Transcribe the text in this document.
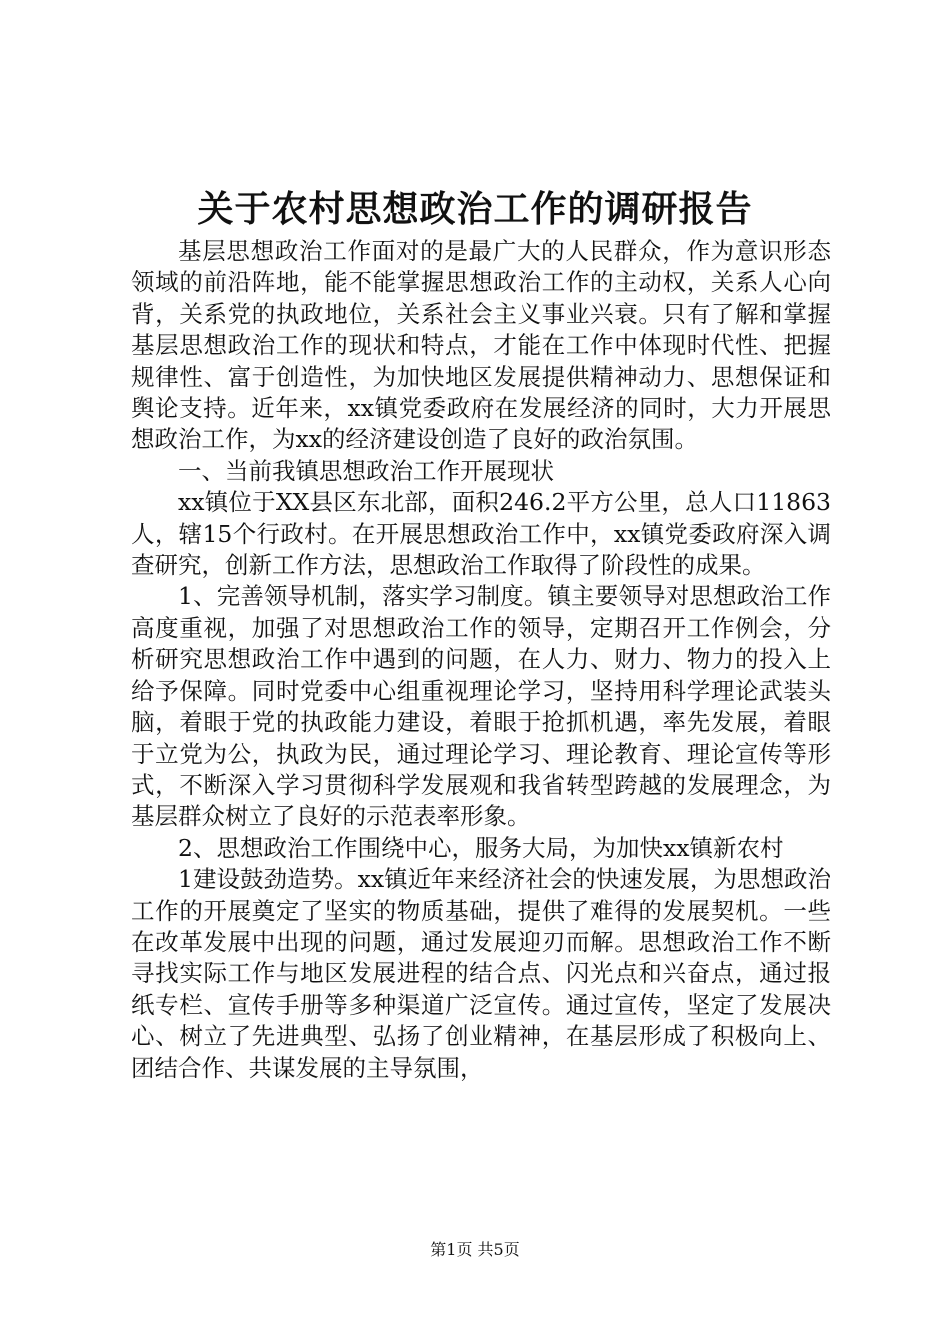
关于农村思想政治工作的调研报告

基层思想政治工作面对的是最广大的人民群众，作为意识形态领域的前沿阵地，能不能掌握思想政治工作的主动权，关系人心向背，关系党的执政地位，关系社会主义事业兴衰。只有了解和掌握基层思想政治工作的现状和特点，才能在工作中体现时代性、把握规律性、富于创造性，为加快地区发展提供精神动力、思想保证和舆论支持。近年来，xx镇党委政府在发展经济的同时，大力开展思想政治工作，为xx的经济建设创造了良好的政治氛围。

一、当前我镇思想政治工作开展现状

xx镇位于XX县区东北部，面积246.2平方公里，总人口11863人，辖15个行政村。在开展思想政治工作中，xx镇党委政府深入调查研究，创新工作方法，思想政治工作取得了阶段性的成果。

1、完善领导机制，落实学习制度。镇主要领导对思想政治工作高度重视，加强了对思想政治工作的领导，定期召开工作例会，分析研究思想政治工作中遇到的问题，在人力、财力、物力的投入上给予保障。同时党委中心组重视理论学习，坚持用科学理论武装头脑，着眼于党的执政能力建设，着眼于抢抓机遇，率先发展，着眼于立党为公，执政为民，通过理论学习、理论教育、理论宣传等形式，不断深入学习贯彻科学发展观和我省转型跨越的发展理念，为基层群众树立了良好的示范表率形象。

2、思想政治工作围绕中心，服务大局，为加快xx镇新农村

1建设鼓劲造势。xx镇近年来经济社会的快速发展，为思想政治工作的开展奠定了坚实的物质基础，提供了难得的发展契机。一些在改革发展中出现的问题，通过发展迎刃而解。思想政治工作不断寻找实际工作与地区发展进程的结合点、闪光点和兴奋点，通过报纸专栏、宣传手册等多种渠道广泛宣传。通过宣传，坚定了发展决心、树立了先进典型、弘扬了创业精神，在基层形成了积极向上、团结合作、共谋发展的主导氛围，

第1页 共5页
